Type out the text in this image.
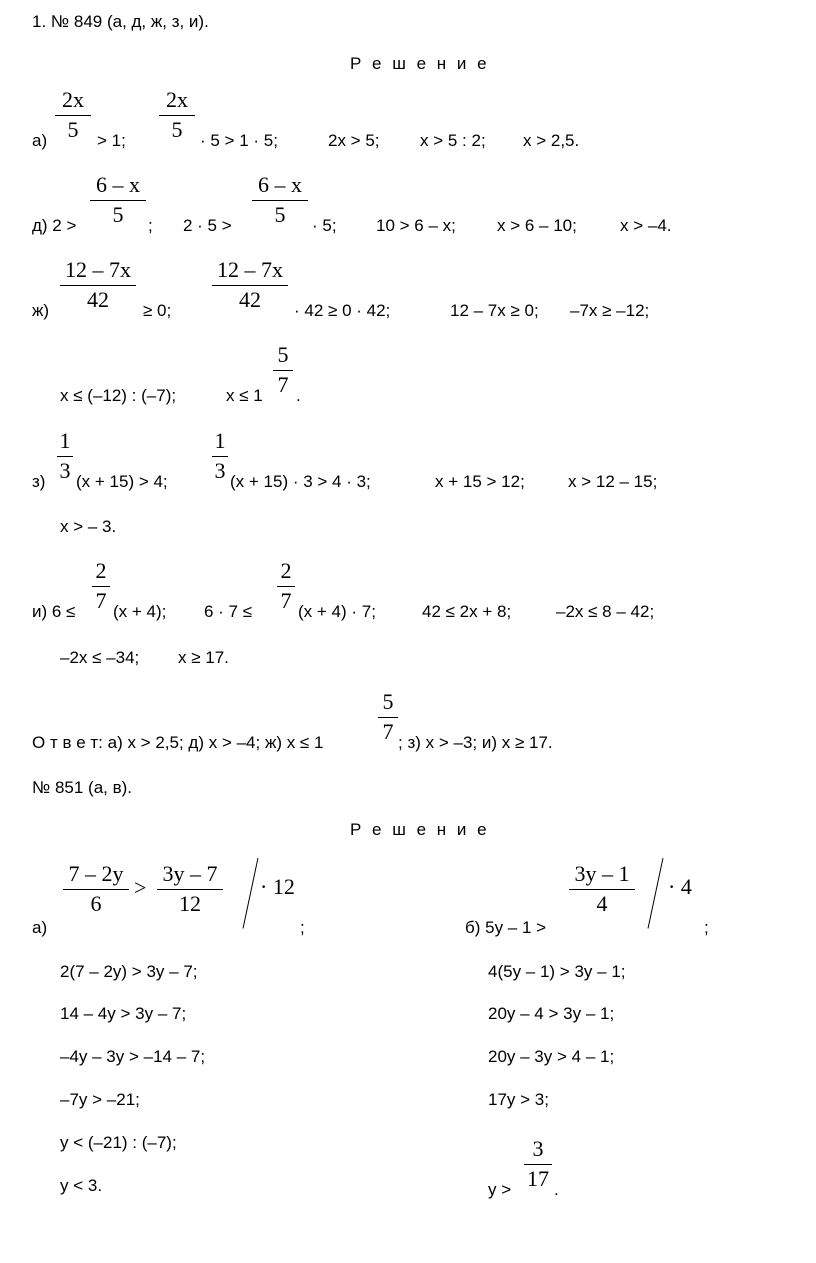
1. № 849 (а, д, ж, з, и).
Р е ш е н и е
а)
2x
5 > 1;
2x
5 · 5 > 1 · 5;	2x > 5; x > 5 : 2; x > 2,5.
д) 2 >
6 – x
5 ; 2 · 5 >
6 – x
5 · 5; 10 > 6 – x; x > 6 – 10;	x > –4.
ж)
12 – 7x
42 ≥ 0;
12 – 7x
42 · 42 ≥ 0 · 42;	12 – 7x ≥ 0; –7x ≥ –12;
x ≤ (–12) : (–7);	x ≤ 1
5
7 .
з)
1
3 (x + 15) > 4;
1
3 (x + 15) · 3 > 4 · 3;	x + 15 > 12;	x > 12 – 15;
x > – 3.
и) 6 ≤
2
7 (x + 4); 6 · 7 ≤
2
7 (x + 4) · 7;	42 ≤ 2x + 8;	–2x ≤ 8 – 42;
–2x ≤ –34; x ≥ 17.
О т в е т: а) x > 2,5; д) x > –4; ж) x ≤ 1
5
7 ; з) x > –3; и) x ≥ 17.
№ 851 (а, в).
Р е ш е н и е
а)
7 – 2y
6
>
3y – 7
12
· 12
;
2(7 – 2y) > 3y – 7;
14 – 4y > 3y – 7;
–4y – 3y > –14 – 7;
–7y > –21;
y < (–21) : (–7);
y < 3.
б) 5y – 1 >
3y – 1
4
· 4
;
4(5y – 1) > 3y – 1;
20y – 4 > 3y – 1;
20y – 3y > 4 – 1;
17y > 3;
y >
3
17 .
